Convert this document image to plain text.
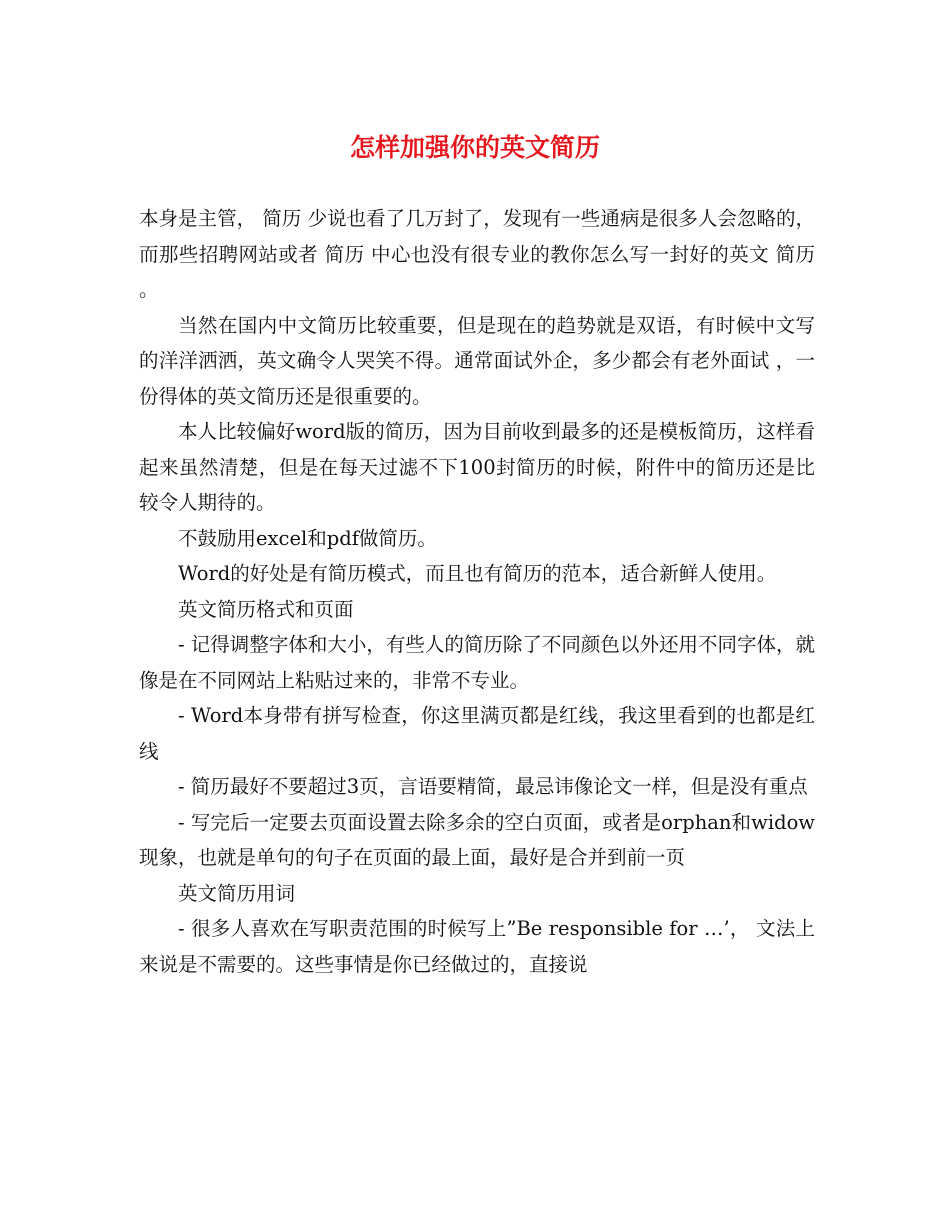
怎样加强你的英文简历

本身是主管， 简历 少说也看了几万封了，发现有一些通病是很多人会忽略的，而那些招聘网站或者 简历 中心也没有很专业的教你怎么写一封好的英文 简历 。

当然在国内中文简历比较重要，但是现在的趋势就是双语，有时候中文写的洋洋洒洒，英文确令人哭笑不得。通常面试外企，多少都会有老外面试 ，一份得体的英文简历还是很重要的。

本人比较偏好word版的简历，因为目前收到最多的还是模板简历，这样看起来虽然清楚，但是在每天过滤不下100封简历的时候，附件中的简历还是比较令人期待的。

不鼓励用excel和pdf做简历。

Word的好处是有简历模式，而且也有简历的范本，适合新鲜人使用。

英文简历格式和页面

- 记得调整字体和大小，有些人的简历除了不同颜色以外还用不同字体，就像是在不同网站上粘贴过来的，非常不专业。

- Word本身带有拼写检查，你这里满页都是红线，我这里看到的也都是红线

- 简历最好不要超过3页，言语要精简，最忌讳像论文一样，但是没有重点

- 写完后一定要去页面设置去除多余的空白页面，或者是orphan和widow现象，也就是单句的句子在页面的最上面，最好是合并到前一页

英文简历用词

- 很多人喜欢在写职责范围的时候写上”Be responsible for …’， 文法上来说是不需要的。这些事情是你已经做过的，直接说
